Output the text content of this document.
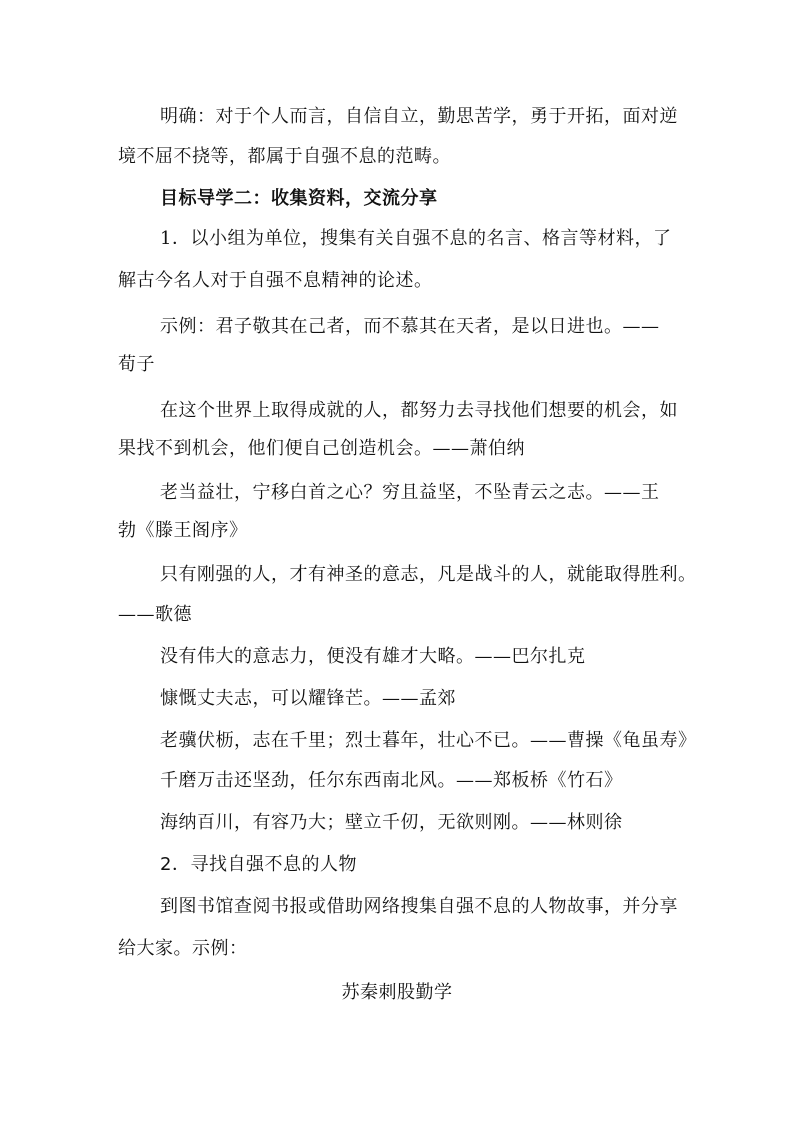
明确：对于个人而言，自信自立，勤思苦学，勇于开拓，面对逆
境不屈不挠等，都属于自强不息的范畴。
目标导学二：收集资料，交流分享
1．以小组为单位，搜集有关自强不息的名言、格言等材料，了
解古今名人对于自强不息精神的论述。
示例：君子敬其在己者，而不慕其在天者，是以日进也。——
荀子
在这个世界上取得成就的人，都努力去寻找他们想要的机会，如
果找不到机会，他们便自己创造机会。——萧伯纳
老当益壮，宁移白首之心？穷且益坚，不坠青云之志。——王
勃《滕王阁序》
只有刚强的人，才有神圣的意志，凡是战斗的人，就能取得胜利。
——歌德
没有伟大的意志力，便没有雄才大略。——巴尔扎克
慷慨丈夫志，可以耀锋芒。——孟郊
老骥伏枥，志在千里；烈士暮年，壮心不已。——曹操《龟虽寿》
千磨万击还坚劲，任尔东西南北风。——郑板桥《竹石》
海纳百川，有容乃大；壁立千仞，无欲则刚。——林则徐
2．寻找自强不息的人物
到图书馆查阅书报或借助网络搜集自强不息的人物故事，并分享
给大家。示例：
苏秦刺股勤学
